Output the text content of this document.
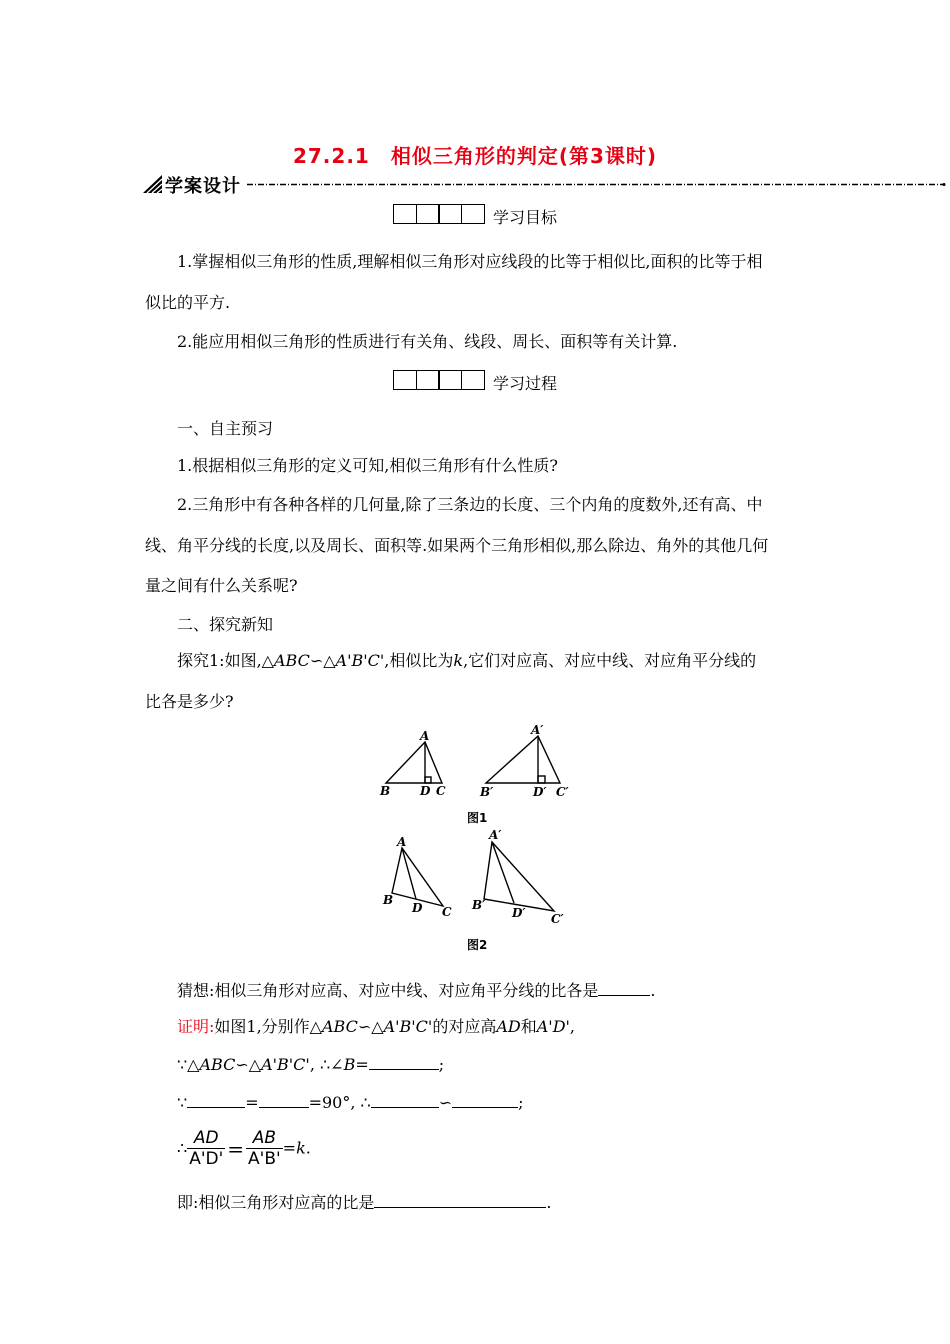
27.2.1　相似三角形的判定(第3课时)
学案设计
学习目标
1.掌握相似三角形的性质,理解相似三角形对应线段的比等于相似比,面积的比等于相
似比的平方.
2.能应用相似三角形的性质进行有关角、线段、周长、面积等有关计算.
学习过程
一、自主预习
1.根据相似三角形的定义可知,相似三角形有什么性质?
2.三角形中有各种各样的几何量,除了三条边的长度、三个内角的度数外,还有高、中
线、角平分线的长度,以及周长、面积等.如果两个三角形相似,那么除边、角外的其他几何
量之间有什么关系呢?
二、探究新知
探究1:如图,△ABC∽△A'B'C',相似比为k,它们对应高、对应中线、对应角平分线的
比各是多少?
A
B D C
A′
B′	D′ C′
图1
A
B
D C
A′
B′
D′ C′
图2
猜想:相似三角形对应高、对应中线、对应角平分线的比各是	.
证明:如图1,分别作△ABC∽△A'B'C'的对应高AD和A'D',
∵△ABC∽△A'B'C', ∴∠B=	;
∵	=	=90°, ∴	∽	;
∴ $\frac{AD}{A'D'} = \frac{AB}{A'B'} =k$.
即:相似三角形对应高的比是	.
